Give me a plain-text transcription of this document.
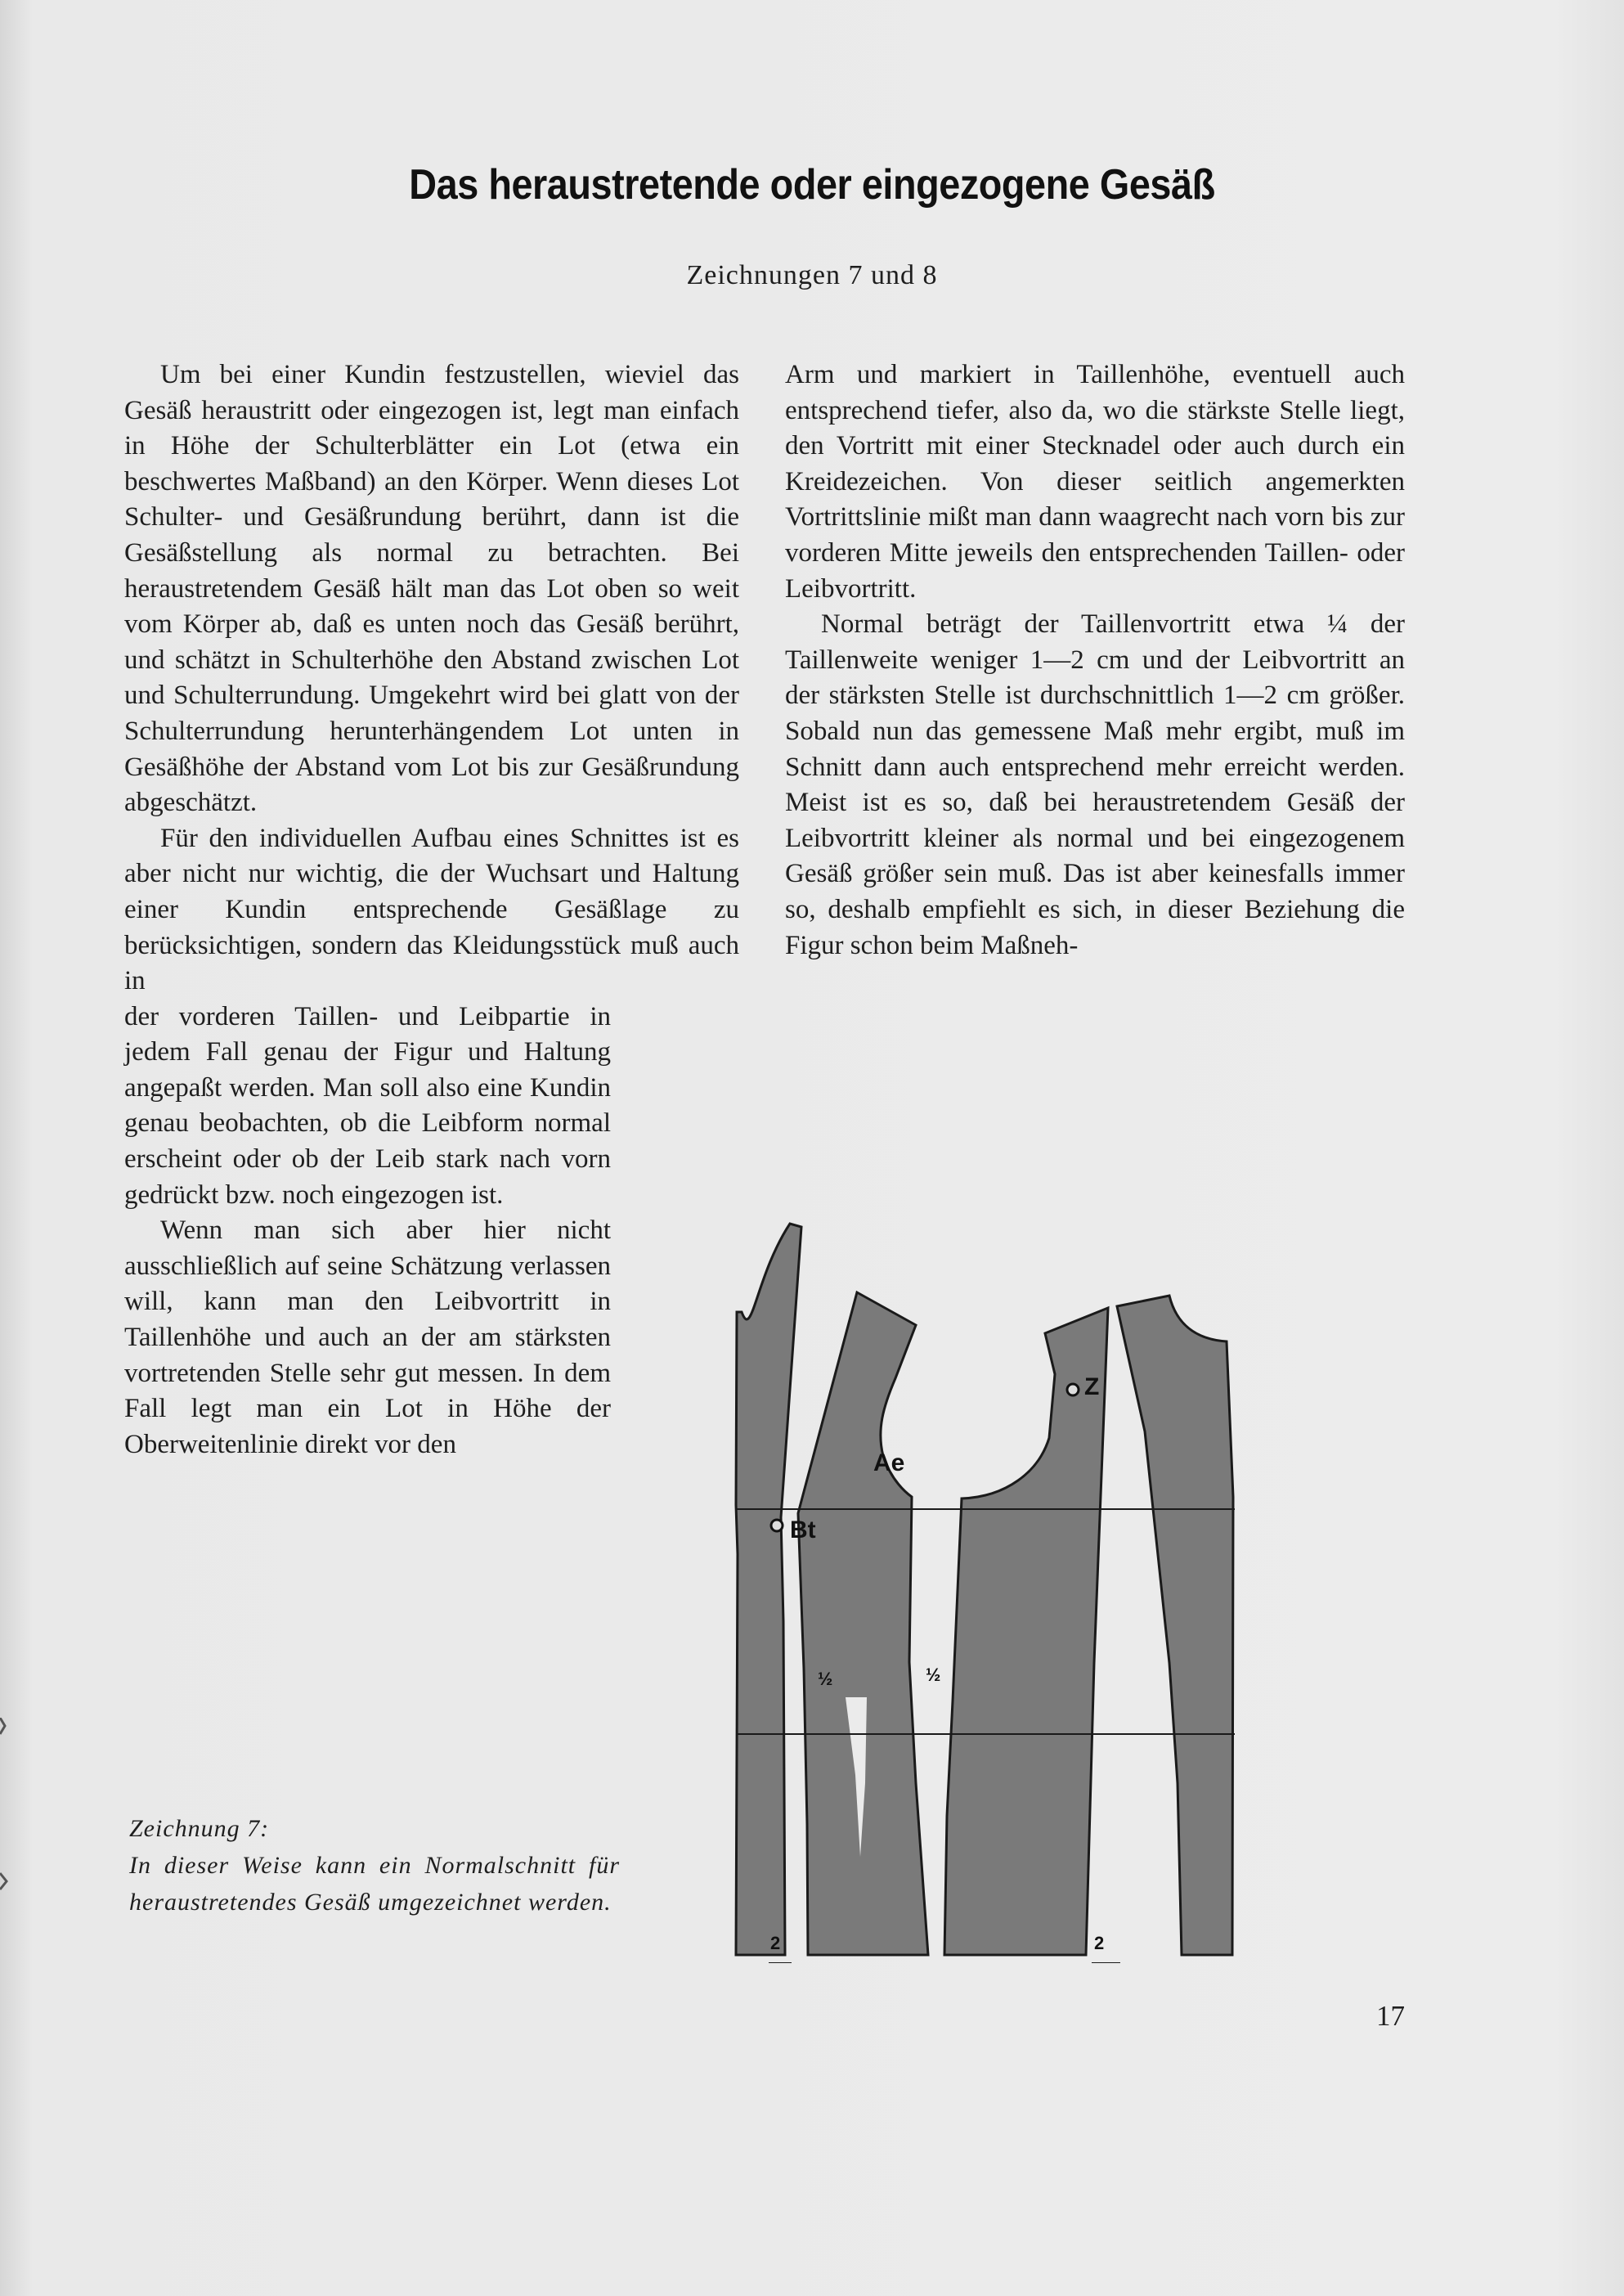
Das heraustretende oder eingezogene Gesäß
Zeichnungen 7 und 8

Um bei einer Kundin festzustellen, wieviel das Gesäß heraustritt oder eingezogen ist, legt man einfach in Höhe der Schulterblätter ein Lot (etwa ein beschwertes Maßband) an den Körper. Wenn dieses Lot Schulter- und Gesäßrundung berührt, dann ist die Gesäßstellung als normal zu betrachten. Bei heraustretendem Gesäß hält man das Lot oben so weit vom Körper ab, daß es unten noch das Gesäß berührt, und schätzt in Schulterhöhe den Abstand zwischen Lot und Schulterrundung. Umgekehrt wird bei glatt von der Schulterrundung herunterhängendem Lot unten in Gesäßhöhe der Abstand vom Lot bis zur Gesäßrundung abgeschätzt.

Für den individuellen Aufbau eines Schnittes ist es aber nicht nur wichtig, die der Wuchsart und Haltung einer Kundin entsprechende Gesäßlage zu berücksichtigen, sondern das Kleidungsstück muß auch in

der vorderen Taillen- und Leibpartie in jedem Fall genau der Figur und Haltung angepaßt werden. Man soll also eine Kundin genau beobachten, ob die Leibform normal erscheint oder ob der Leib stark nach vorn gedrückt bzw. noch eingezogen ist.

Wenn man sich aber hier nicht ausschließlich auf seine Schätzung verlassen will, kann man den Leibvortritt in Taillenhöhe und auch an der am stärksten vortretenden Stelle sehr gut messen. In dem Fall legt man ein Lot in Höhe der Oberweitenlinie direkt vor den

Arm und markiert in Taillenhöhe, eventuell auch entsprechend tiefer, also da, wo die stärkste Stelle liegt, den Vortritt mit einer Stecknadel oder auch durch ein Kreidezeichen. Von dieser seitlich angemerkten Vortrittslinie mißt man dann waagrecht nach vorn bis zur vorderen Mitte jeweils den entsprechenden Taillen- oder Leibvortritt.

Normal beträgt der Taillenvortritt etwa ¼ der Taillenweite weniger 1—2 cm und der Leibvortritt an der stärksten Stelle ist durchschnittlich 1—2 cm größer. Sobald nun das gemessene Maß mehr ergibt, muß im Schnitt dann auch entsprechend mehr erreicht werden. Meist ist es so, daß bei heraustretendem Gesäß der Leibvortritt kleiner als normal und bei eingezogenem Gesäß größer sein muß. Das ist aber keinesfalls immer so, deshalb empfiehlt es sich, in dieser Beziehung die Figur schon beim Maßneh-

Zeichnung 7:
In dieser Weise kann ein Normalschnitt für heraustretendes Gesäß umgezeichnet werden.
Ae
Bt
Z
½	½
2	2
17
